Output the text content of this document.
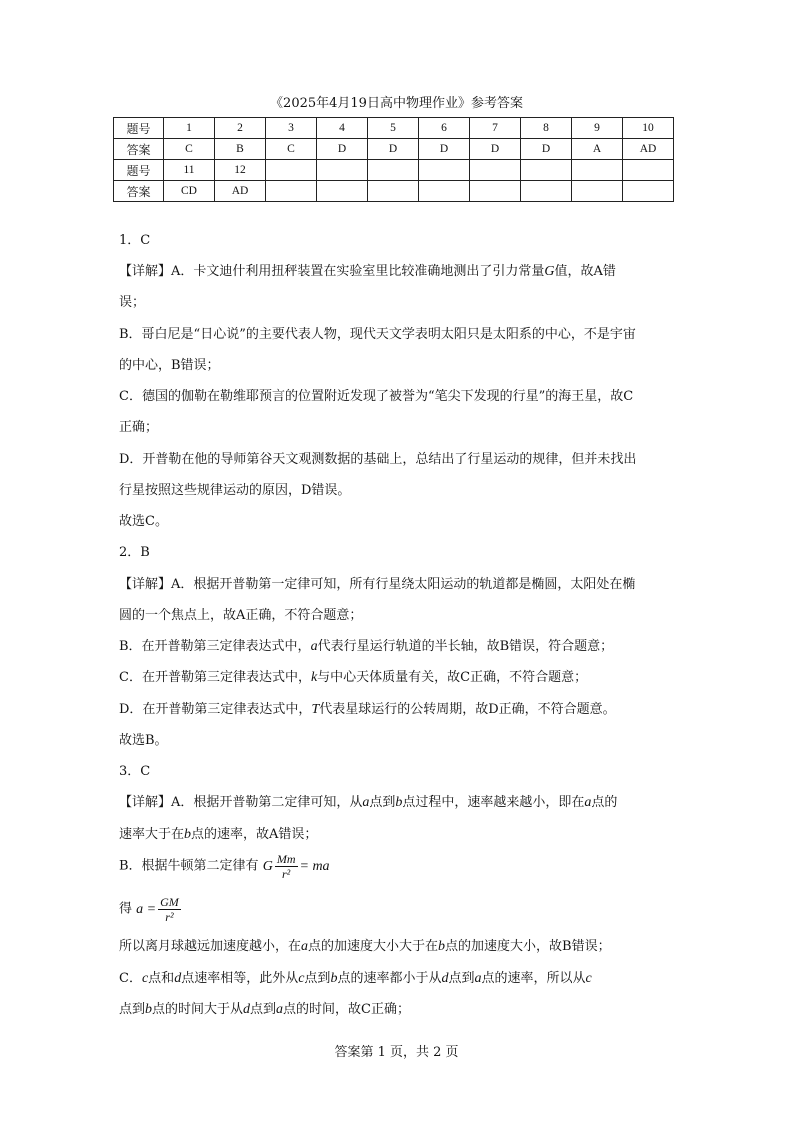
《2025年4月19日高中物理作业》参考答案
题号	1	2	3	4	5	6	7	8	9	10
答案	C	B	C	D	D	D	D	D	A	AD
题号	11	12								
答案	CD	AD								
1．C
【详解】A．卡文迪什利用扭秤装置在实验室里比较准确地测出了引力常量G值，故A错
误；
B．哥白尼是“日心说”的主要代表人物，现代天文学表明太阳只是太阳系的中心，不是宇宙
的中心，B错误；
C．德国的伽勒在勒维耶预言的位置附近发现了被誉为“笔尖下发现的行星”的海王星，故C
正确；
D．开普勒在他的导师第谷天文观测数据的基础上，总结出了行星运动的规律，但并未找出
行星按照这些规律运动的原因，D错误。
故选C。
2．B
【详解】A．根据开普勒第一定律可知，所有行星绕太阳运动的轨道都是椭圆，太阳处在椭
圆的一个焦点上，故A正确，不符合题意；
B．在开普勒第三定律表达式中，a代表行星运行轨道的半长轴，故B错误，符合题意；
C．在开普勒第三定律表达式中，k与中心天体质量有关，故C正确，不符合题意；
D．在开普勒第三定律表达式中，T代表星球运行的公转周期，故D正确，不符合题意。
故选B。
3．C
【详解】A．根据开普勒第二定律可知，从a点到b点过程中，速率越来越小，即在a点的
速率大于在b点的速率，故A错误；
B．根据牛顿第二定律有 G $\frac{Mm}{\text{r²}}$ = ma
得 $a = \frac{GM}{\text{r²}}$
所以离月球越远加速度越小，在a点的加速度大小大于在b点的加速度大小，故B错误；
C．c点和d点速率相等，此外从c点到b点的速率都小于从d点到a点的速率，所以从c
点到b点的时间大于从d点到a点的时间，故C正确；
答案第 1 页，共 2 页
